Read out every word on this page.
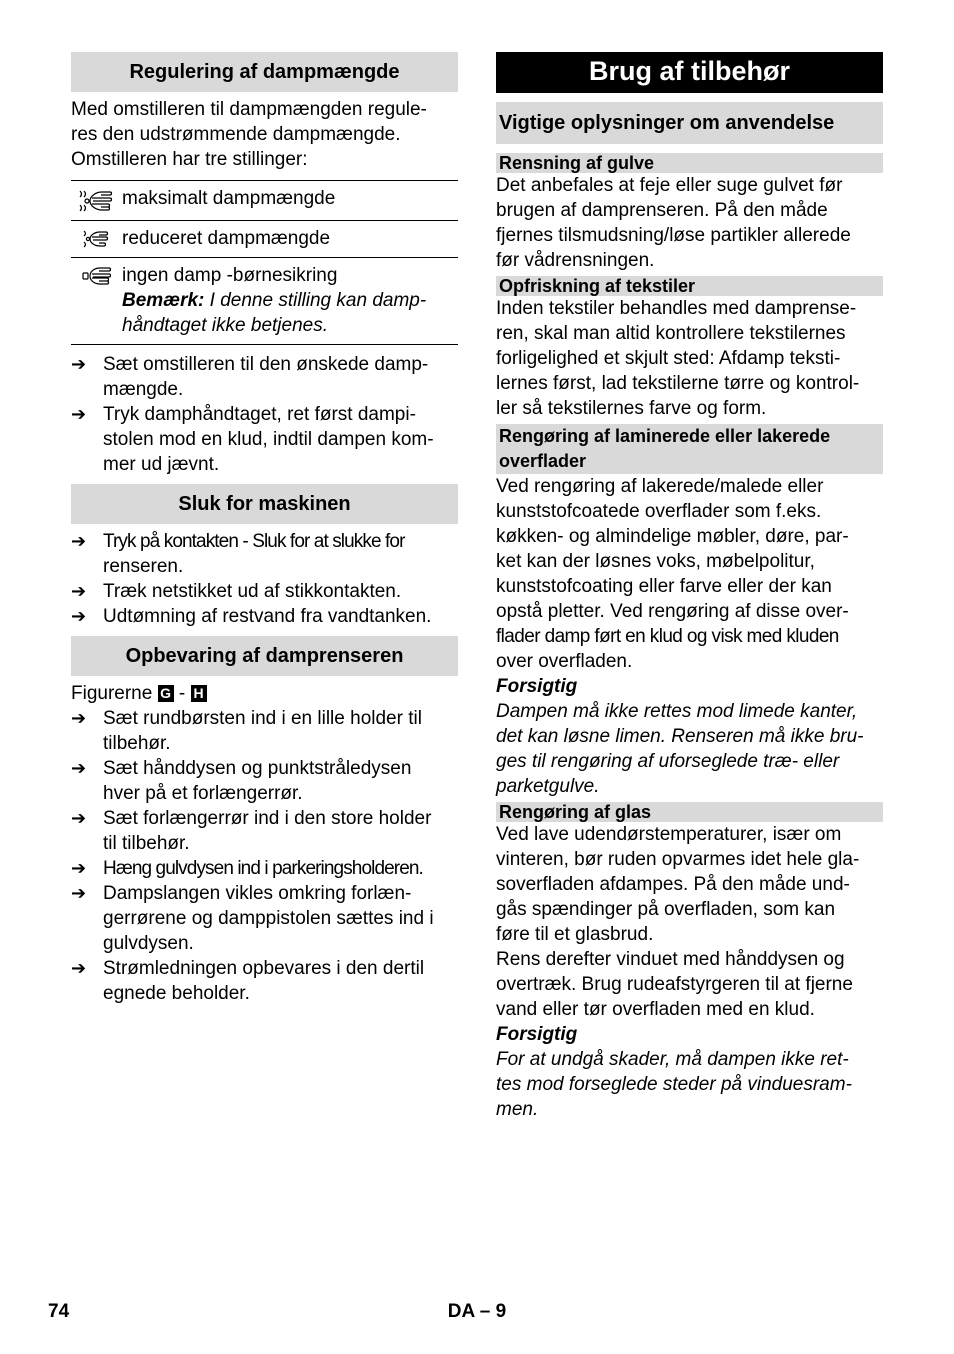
Regulering af dampmængde
Med omstilleren til dampmængden regule-
res den udstrømmende dampmængde.
Omstilleren har tre stillinger:
maksimalt dampmængde
reduceret dampmængde
ingen damp -børnesikring
Bemærk: I denne stilling kan damp-
håndtaget ikke betjenes.
➔ Sæt omstilleren til den ønskede damp-
mængde.
➔ Tryk damphåndtaget, ret først dampi-
stolen mod en klud, indtil dampen kom-
mer ud jævnt.
Sluk for maskinen
➔ Tryk på kontakten - Sluk for at slukke for
renseren.
➔ Træk netstikket ud af stikkontakten.
➔ Udtømning af restvand fra vandtanken.
Opbevaring af damprenseren
Figurerne G - H
➔ Sæt rundbørsten ind i en lille holder til
tilbehør.
➔ Sæt hånddysen og punktstråledysen
hver på et forlængerrør.
➔ Sæt forlængerrør ind i den store holder
til tilbehør.
➔ Hæng gulvdysen ind i parkeringsholderen.
➔ Dampslangen vikles omkring forlæn-
gerrørene og damppistolen sættes ind i
gulvdysen.
➔ Strømledningen opbevares i den dertil
egnede beholder.
Brug af tilbehør
Vigtige oplysninger om anvendelse
Rensning af gulve
Det anbefales at feje eller suge gulvet før
brugen af damprenseren. På den måde
fjernes tilsmudsning/løse partikler allerede
før vådrensningen.
Opfriskning af tekstiler
Inden tekstiler behandles med damprense-
ren, skal man altid kontrollere tekstilernes
forligelighed et skjult sted: Afdamp teksti-
lernes først, lad tekstilerne tørre og kontrol-
ler så tekstilernes farve og form.
Rengøring af laminerede eller lakerede
overflader
Ved rengøring af lakerede/malede eller
kunststofcoatede overflader som f.eks.
køkken- og almindelige møbler, døre, par-
ket kan der løsnes voks, møbelpolitur,
kunststofcoating eller farve eller der kan
opstå pletter. Ved rengøring af disse over-
flader damp ført en klud og visk med kluden
over overfladen.
Forsigtig
Dampen må ikke rettes mod limede kanter,
det kan løsne limen. Renseren må ikke bru-
ges til rengøring af uforseglede træ- eller
parketgulve.
Rengøring af glas
Ved lave udendørstemperaturer, især om
vinteren, bør ruden opvarmes idet hele gla-
soverfladen afdampes. På den måde und-
gås spændinger på overfladen, som kan
føre til et glasbrud.
Rens derefter vinduet med hånddysen og
overtræk. Brug rudeafstyrgeren til at fjerne
vand eller tør overfladen med en klud.
Forsigtig
For at undgå skader, må dampen ikke ret-
tes mod forseglede steder på vinduesram-
men.
74	DA – 9
